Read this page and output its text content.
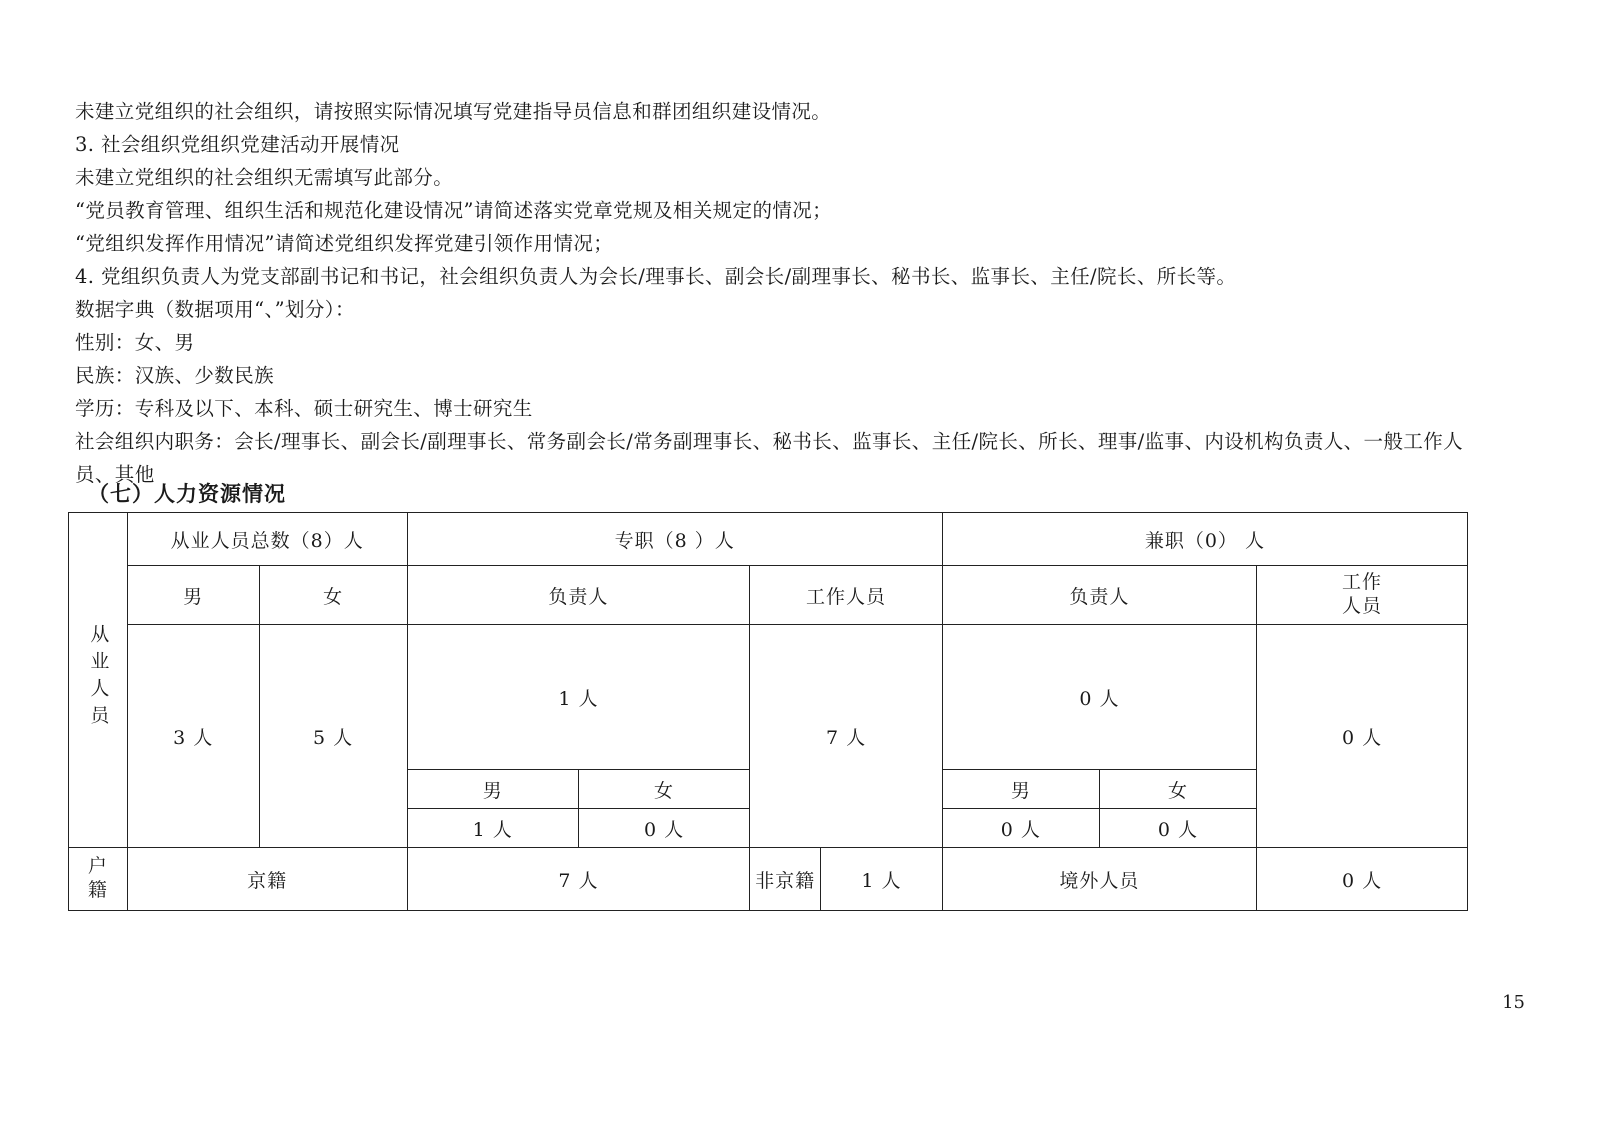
未建立党组织的社会组织，请按照实际情况填写党建指导员信息和群团组织建设情况。

3. 社会组织党组织党建活动开展情况

未建立党组织的社会组织无需填写此部分。

“党员教育管理、组织生活和规范化建设情况”请简述落实党章党规及相关规定的情况；

“党组织发挥作用情况”请简述党组织发挥党建引领作用情况；

4. 党组织负责人为党支部副书记和书记，社会组织负责人为会长/理事长、副会长/副理事长、秘书长、监事长、主任/院长、所长等。

数据字典（数据项用“、”划分）：

性别：女、男

民族：汉族、少数民族

学历：专科及以下、本科、硕士研究生、博士研究生

社会组织内职务：会长/理事长、副会长/副理事长、常务副会长/常务副理事长、秘书长、监事长、主任/院长、所长、理事/监事、内设机构负责人、一般工作人员、其他

（七）人力资源情况
从业人员	从业人员总数（8）人	专职（8 ）人	兼职（0） 人
男	女	负责人	工作人员	负责人	工作
人员
3 人	5 人	1 人	7 人	0 人	0 人

男	女
1 人	0 人

男	女
0 人	0 人

户
籍	京籍	7 人	非京籍	1 人	境外人员	0 人
15
